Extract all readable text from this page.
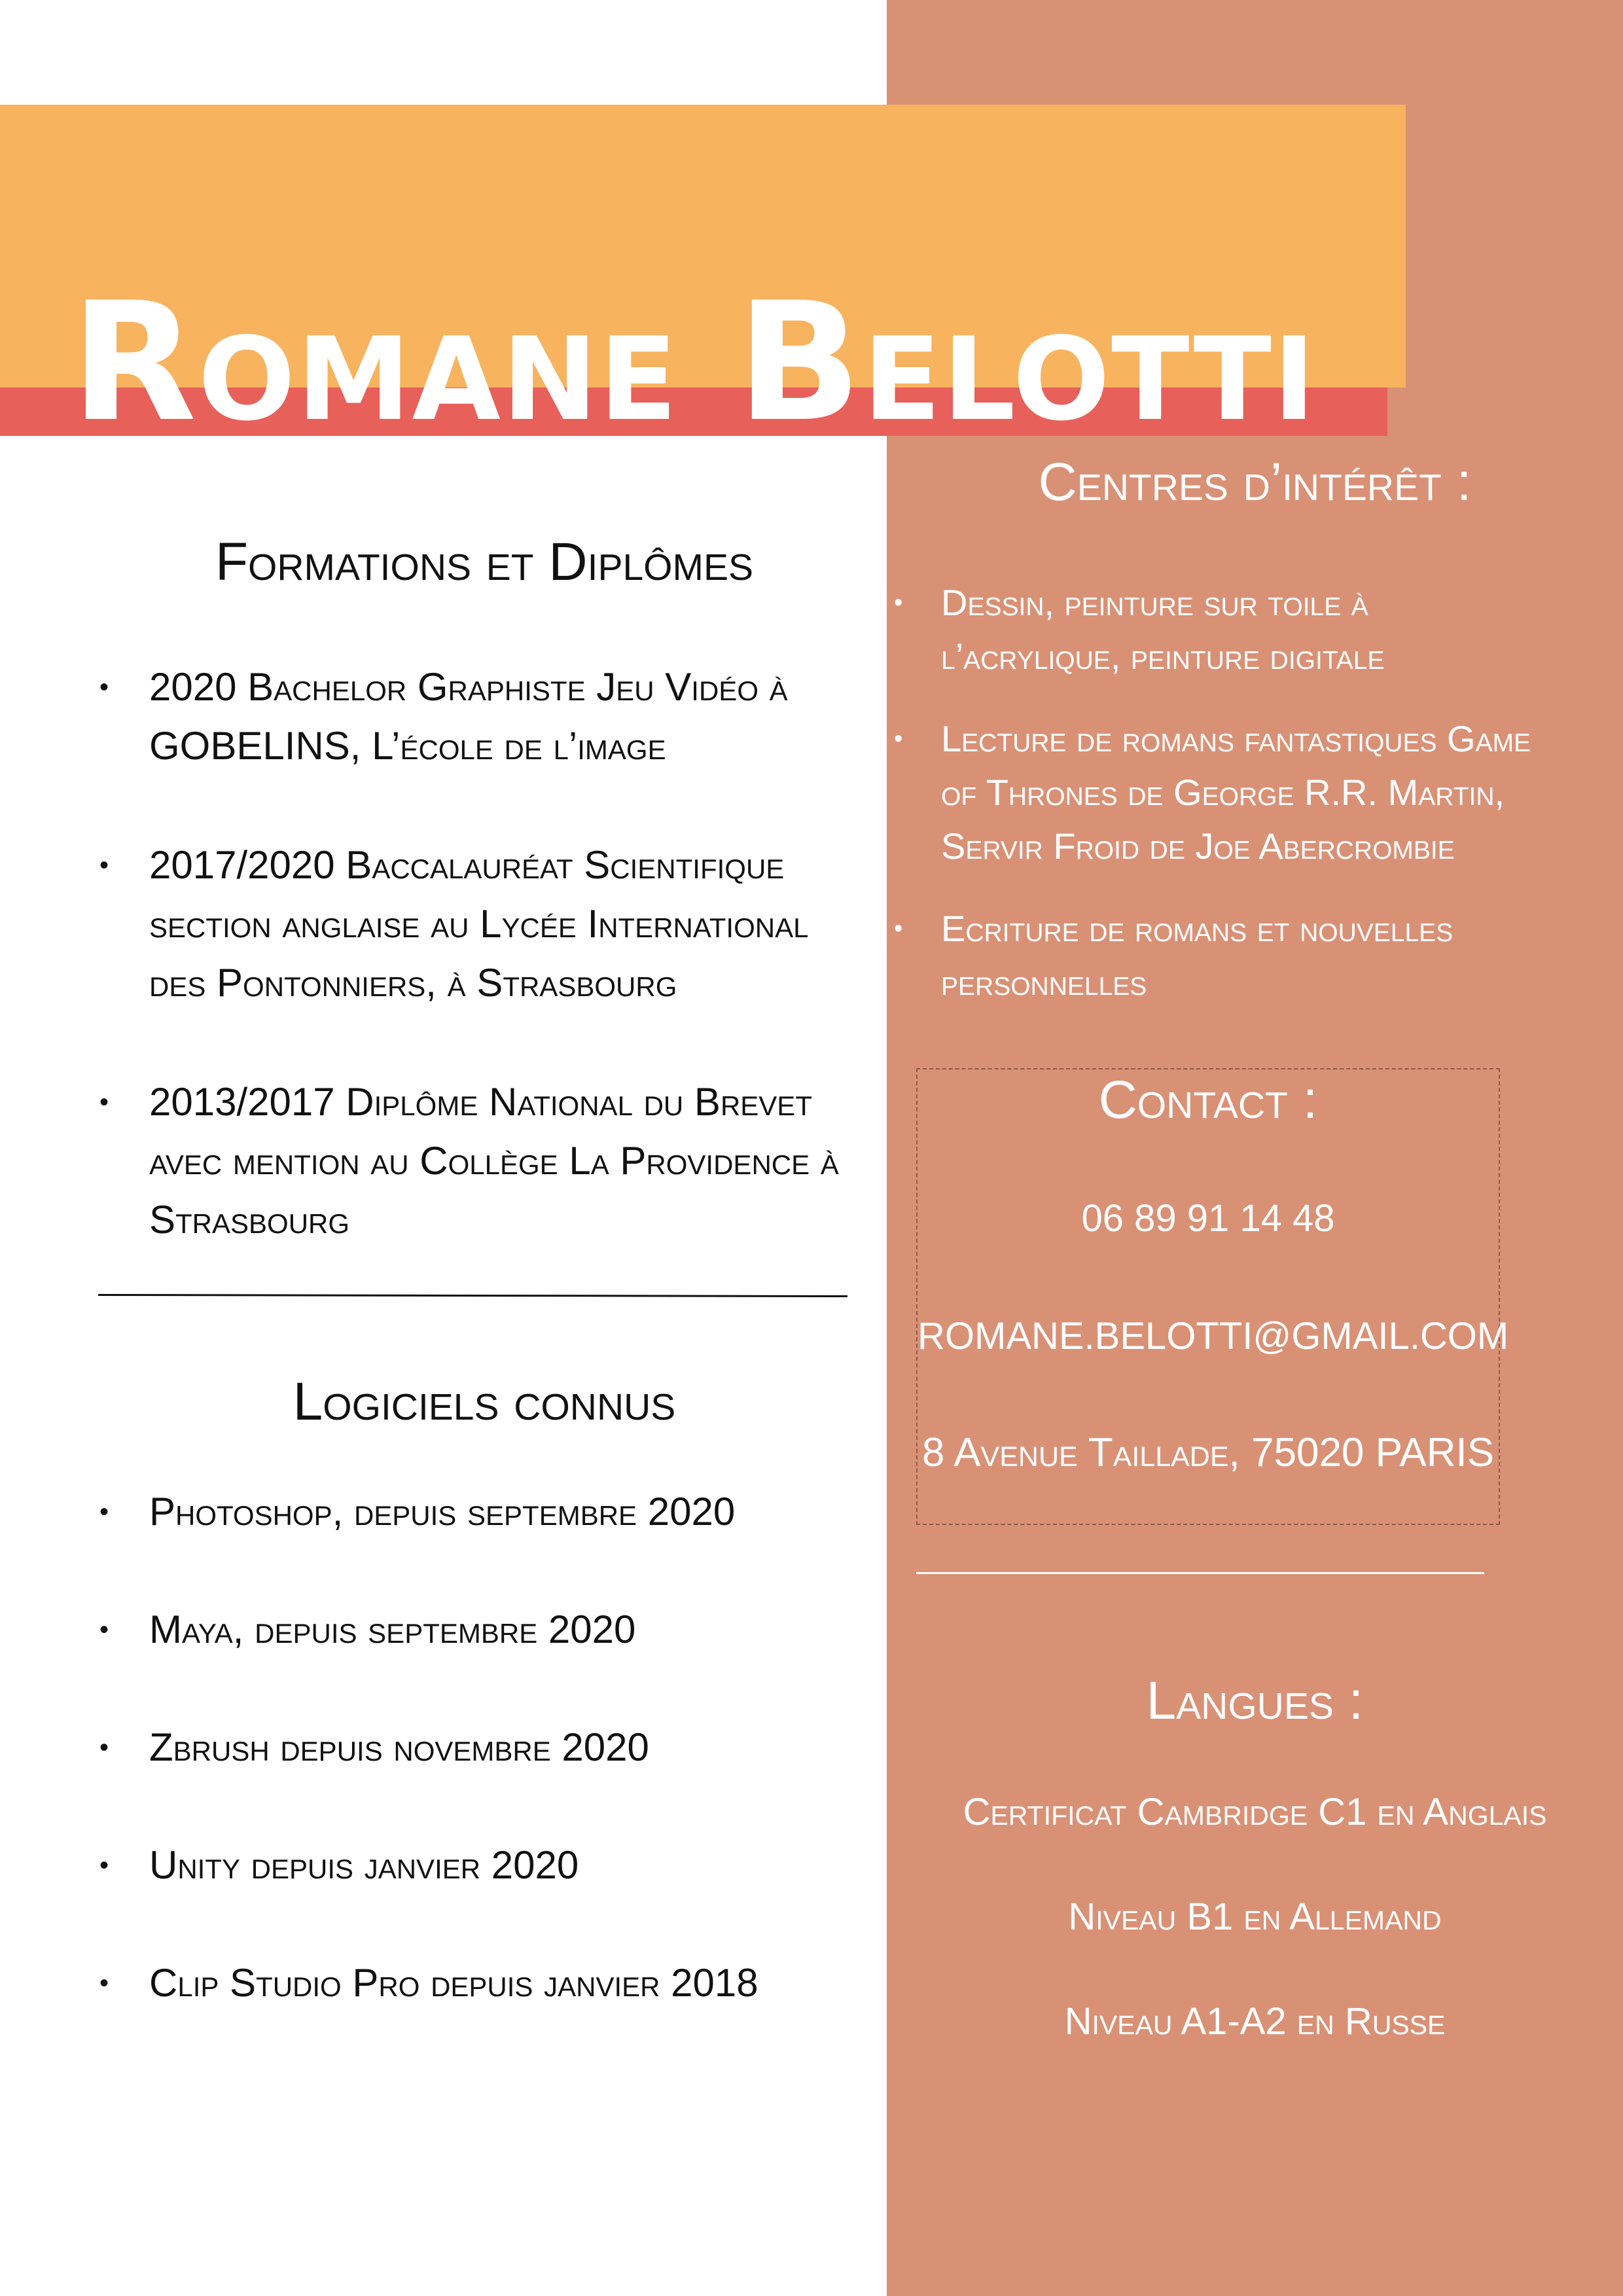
Romane Belotti
Formations et Diplômes
• 2020 Bachelor Graphiste Jeu Vidéo à GOBELINS, L’école de l’image
• 2017/2020 Baccalauréat Scientifique section anglaise au Lycée International des Pontonniers, à Strasbourg
• 2013/2017 Diplôme National du Brevet avec mention au Collège La Providence à Strasbourg
Logiciels connus
• Photoshop, depuis septembre 2020
• Maya, depuis septembre 2020
• Zbrush depuis novembre 2020
• Unity depuis janvier 2020
• Clip Studio Pro depuis janvier 2018
Centres d’intérêt :
• Dessin, peinture sur toile à l’acrylique, peinture digitale
• Lecture de romans fantastiques Game of Thrones de George R.R. Martin, Servir Froid de Joe Abercrombie
• Ecriture de romans et nouvelles personnelles
Contact :
06 89 91 14 48
ROMANE.BELOTTI@GMAIL.COM
8 Avenue Taillade, 75020 PARIS
Langues :
Certificat Cambridge C1 en Anglais
Niveau B1 en Allemand
Niveau A1-A2 en Russe
